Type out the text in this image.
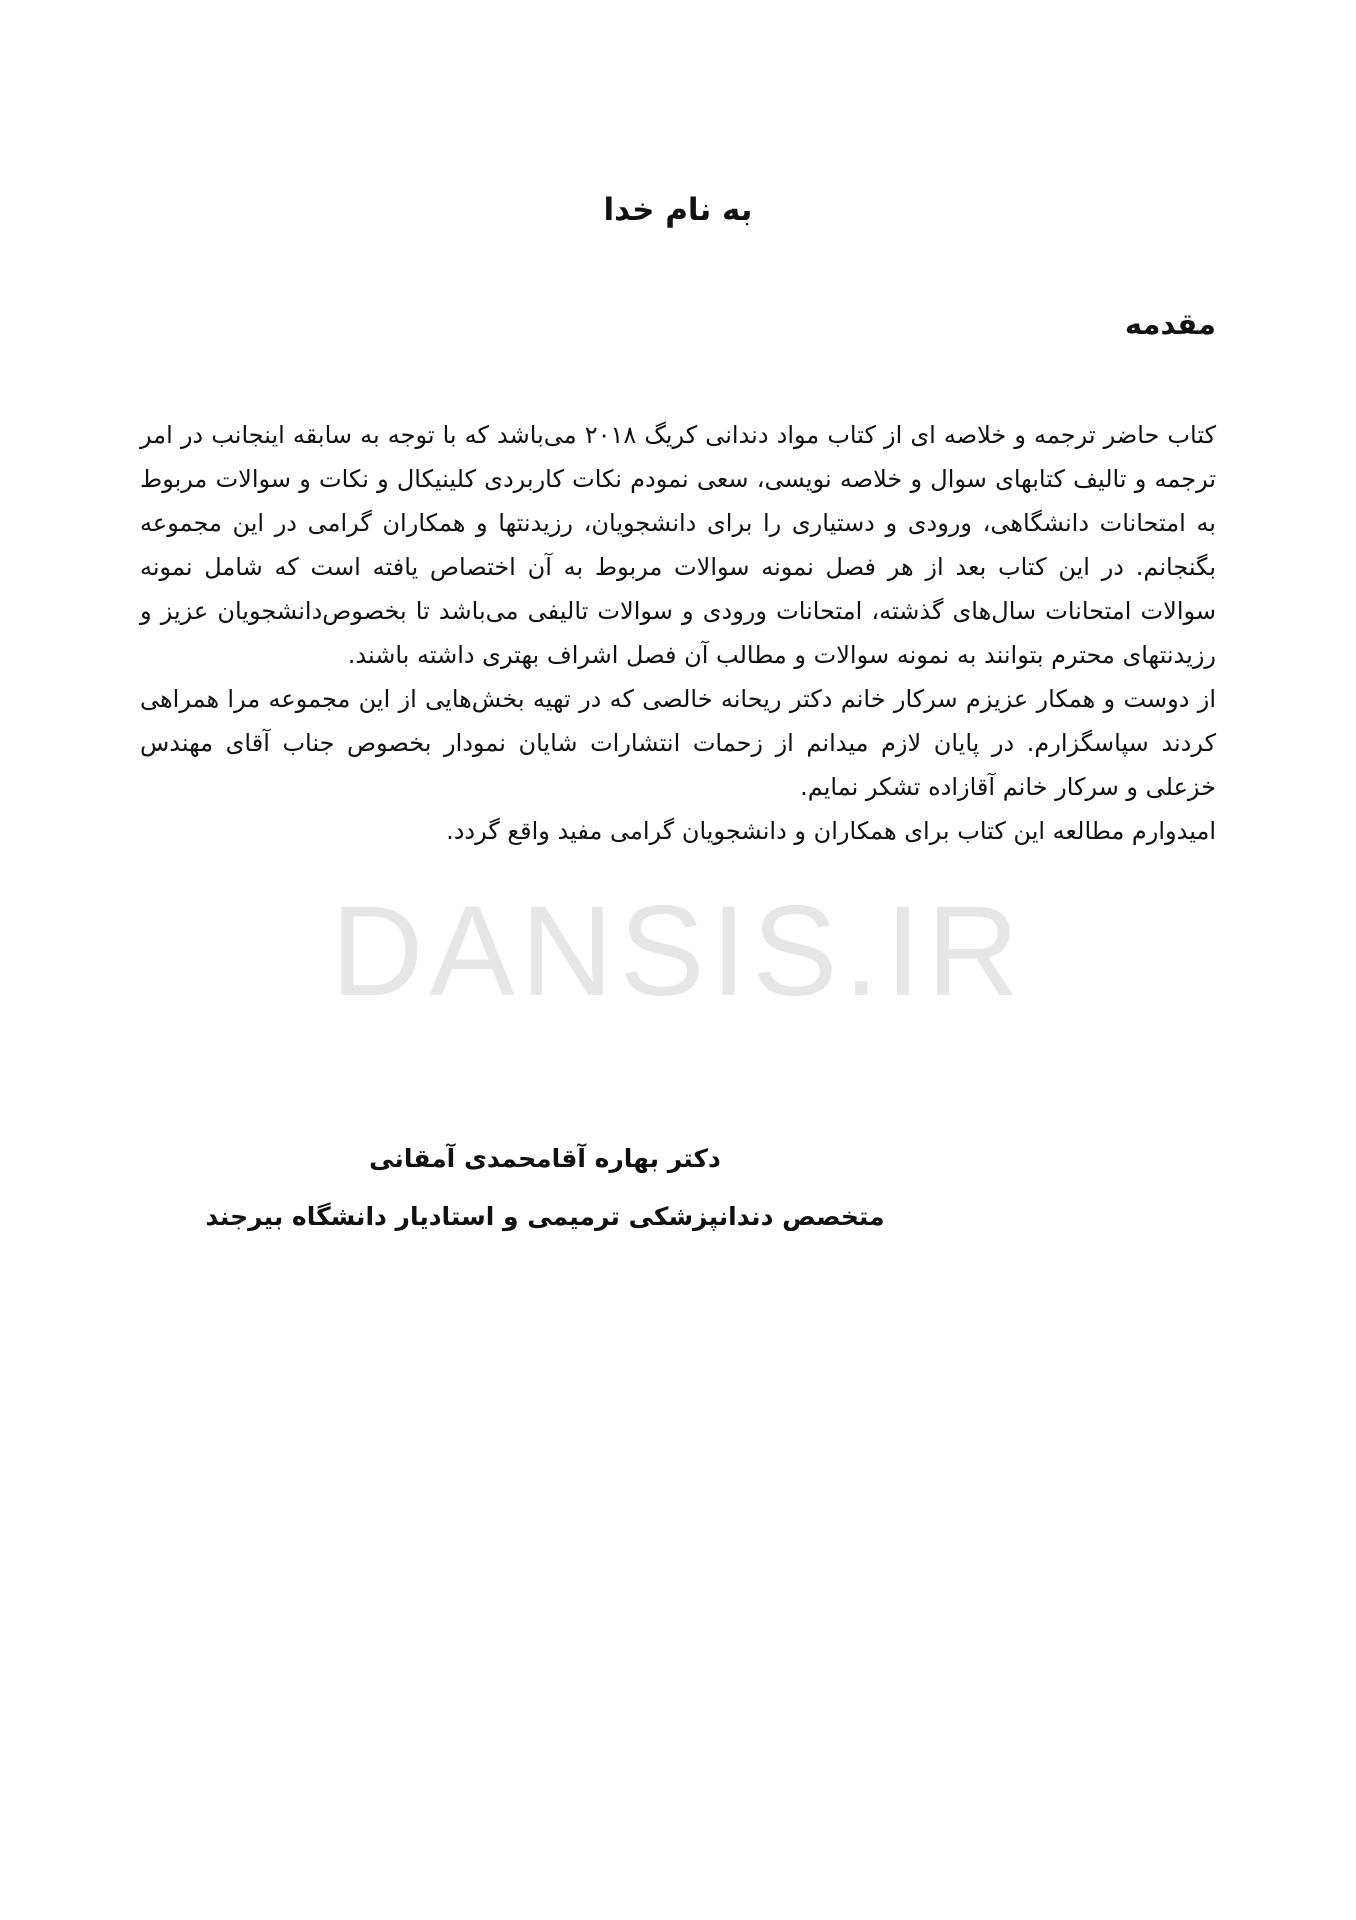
DANSIS.IR
به نام خدا
مقدمه

کتاب حاضر ترجمه و خلاصه ای از کتاب مواد دندانی کریگ ۲۰۱۸ می‌باشد که با توجه به سابقه اینجانب در امر ترجمه و تالیف کتابهای سوال و خلاصه نویسی، سعی نمودم نکات کاربردی کلینیکال و نکات و سوالات مربوط به امتحانات دانشگاهی، ورودی و دستیاری را برای دانشجویان، رزیدنتها و همکاران گرامی در این مجموعه بگنجانم. در این کتاب بعد از هر فصل نمونه سوالات مربوط به آن اختصاص یافته است که شامل نمونه سوالات امتحانات سال‌های گذشته، امتحانات ورودی و سوالات تالیفی می‌باشد تا بخصوص‌دانشجویان عزیز و رزیدنتهای محترم بتوانند به نمونه سوالات و مطالب آن فصل اشراف بهتری داشته باشند.

از دوست و همکار عزیزم سرکار خانم دکتر ریحانه خالصی که در تهیه بخش‌هایی از این مجموعه مرا همراهی کردند سپاسگزارم. در پایان لازم میدانم از زحمات انتشارات شایان نمودار بخصوص جناب آقای مهندس خزعلی و سرکار خانم آقازاده تشکر نمایم.

امیدوارم مطالعه این کتاب برای همکاران و دانشجویان گرامی مفید واقع گردد.

دکتر بهاره آقامحمدی آمقانی
متخصص دندانپزشکی ترمیمی و استادیار دانشگاه بیرجند
